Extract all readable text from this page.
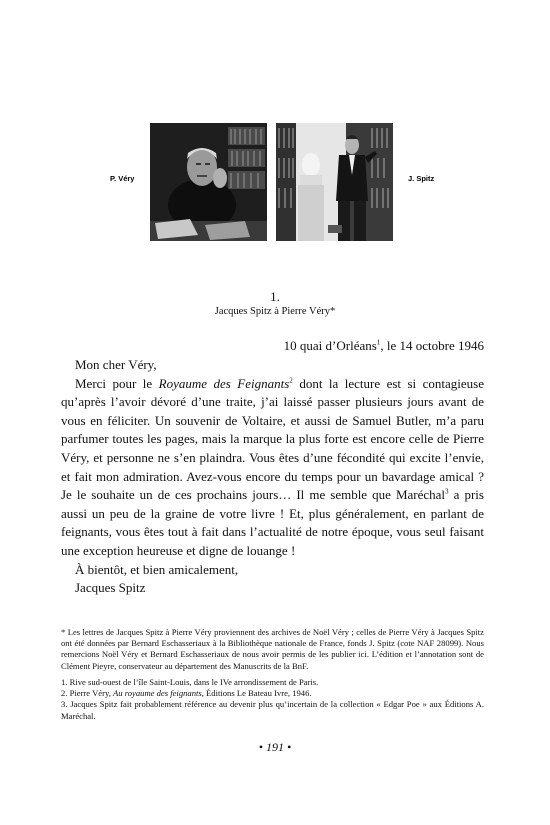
P. Véry	J. Spitz
1.
Jacques Spitz à Pierre Véry*
10 quai d’Orléans$^1$, le 14 octobre 1946

Mon cher Véry,

Merci pour le Royaume des Feignants$^2$ dont la lecture est si contagieuse qu’après l’avoir dévoré d’une traite, j’ai laissé passer plusieurs jours avant de vous en féliciter. Un souvenir de Voltaire, et aussi de Samuel Butler, m’a paru parfumer toutes les pages, mais la marque la plus forte est encore celle de Pierre Véry, et personne ne s’en plaindra. Vous êtes d’une fécondité qui excite l’envie, et fait mon admiration. Avez-vous encore du temps pour un bavardage amical ? Je le souhaite un de ces prochains jours… Il me semble que Maréchal$^3$ a pris aussi un peu de la graine de votre livre ! Et, plus généralement, en parlant de feignants, vous êtes tout à fait dans l’actualité de notre époque, vous seul faisant une exception heureuse et digne de louange !

À bientôt, et bien amicalement,

Jacques Spitz

* Les lettres de Jacques Spitz à Pierre Véry proviennent des archives de Noël Véry ; celles de Pierre Véry à Jacques Spitz ont été données par Bernard Eschasseriaux à la Bibliothèque nationale de France, fonds J. Spitz (cote NAF 28099). Nous remercions Noël Véry et Bernard Eschasseriaux de nous avoir permis de les publier ici. L’édition et l’annotation sont de Clément Pieyre, conservateur au département des Manuscrits de la BnF.

1. Rive sud-ouest de l’île Saint-Louis, dans le IVe arrondissement de Paris.

2. Pierre Véry, Au royaume des feignants, Éditions Le Bateau Ivre, 1946.

3. Jacques Spitz fait probablement référence au devenir plus qu’incertain de la collection « Edgar Poe » aux Éditions A. Maréchal.

• 191 •
